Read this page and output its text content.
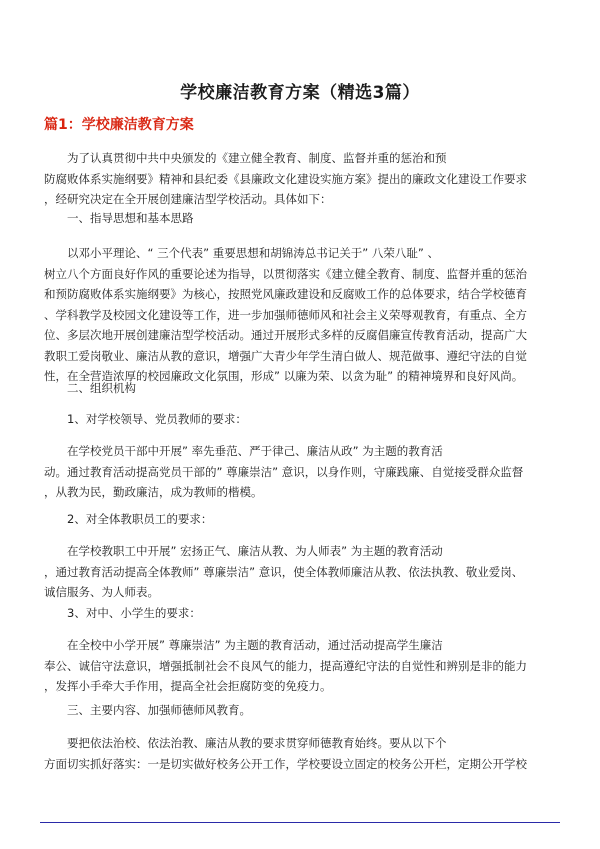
学校廉洁教育方案（精选3篇）
篇1：学校廉洁教育方案
为了认真贯彻中共中央颁发的《建立健全教育、制度、监督并重的惩治和预
防腐败体系实施纲要》精神和县纪委《县廉政文化建设实施方案》提出的廉政文化建设工作要求
，经研究决定在全开展创建廉洁型学校活动。具体如下：
一、指导思想和基本思路
以邓小平理论、“ 三个代表” 重要思想和胡锦涛总书记关于” 八荣八耻” 、
树立八个方面良好作风的重要论述为指导，以贯彻落实《建立健全教育、制度、监督并重的惩治
和预防腐败体系实施纲要》为核心，按照党风廉政建设和反腐败工作的总体要求，结合学校德育
、学科教学及校园文化建设等工作，进一步加强师德师风和社会主义荣辱观教育，有重点、全方
位、多层次地开展创建廉洁型学校活动。通过开展形式多样的反腐倡廉宣传教育活动，提高广大
教职工爱岗敬业、廉洁从教的意识，增强广大青少年学生清白做人、规范做事、遵纪守法的自觉
性，在全营造浓厚的校园廉政文化氛围，形成” 以廉为荣、以贪为耻” 的精神境界和良好风尚。
二、组织机构
1、对学校领导、党员教师的要求：
在学校党员干部中开展” 率先垂范、严于律己、廉洁从政” 为主题的教育活
动。通过教育活动提高党员干部的” 尊廉崇洁” 意识，以身作则，守廉践廉、自觉接受群众监督
，从教为民，勤政廉洁，成为教师的楷模。
2、对全体教职员工的要求：
在学校教职工中开展” 宏扬正气、廉洁从教、为人师表” 为主题的教育活动
，通过教育活动提高全体教师” 尊廉崇洁” 意识，使全体教师廉洁从教、依法执教、敬业爱岗、
诚信服务、为人师表。
3、对中、小学生的要求：
在全校中小学开展” 尊廉崇洁” 为主题的教育活动，通过活动提高学生廉洁
奉公、诚信守法意识，增强抵制社会不良风气的能力，提高遵纪守法的自觉性和辨别是非的能力
，发挥小手牵大手作用，提高全社会拒腐防变的免疫力。
三、主要内容、加强师德师风教育。
要把依法治校、依法治教、廉洁从教的要求贯穿师德教育始终。要从以下个
方面切实抓好落实：一是切实做好校务公开工作，学校要设立固定的校务公开栏，定期公开学校
